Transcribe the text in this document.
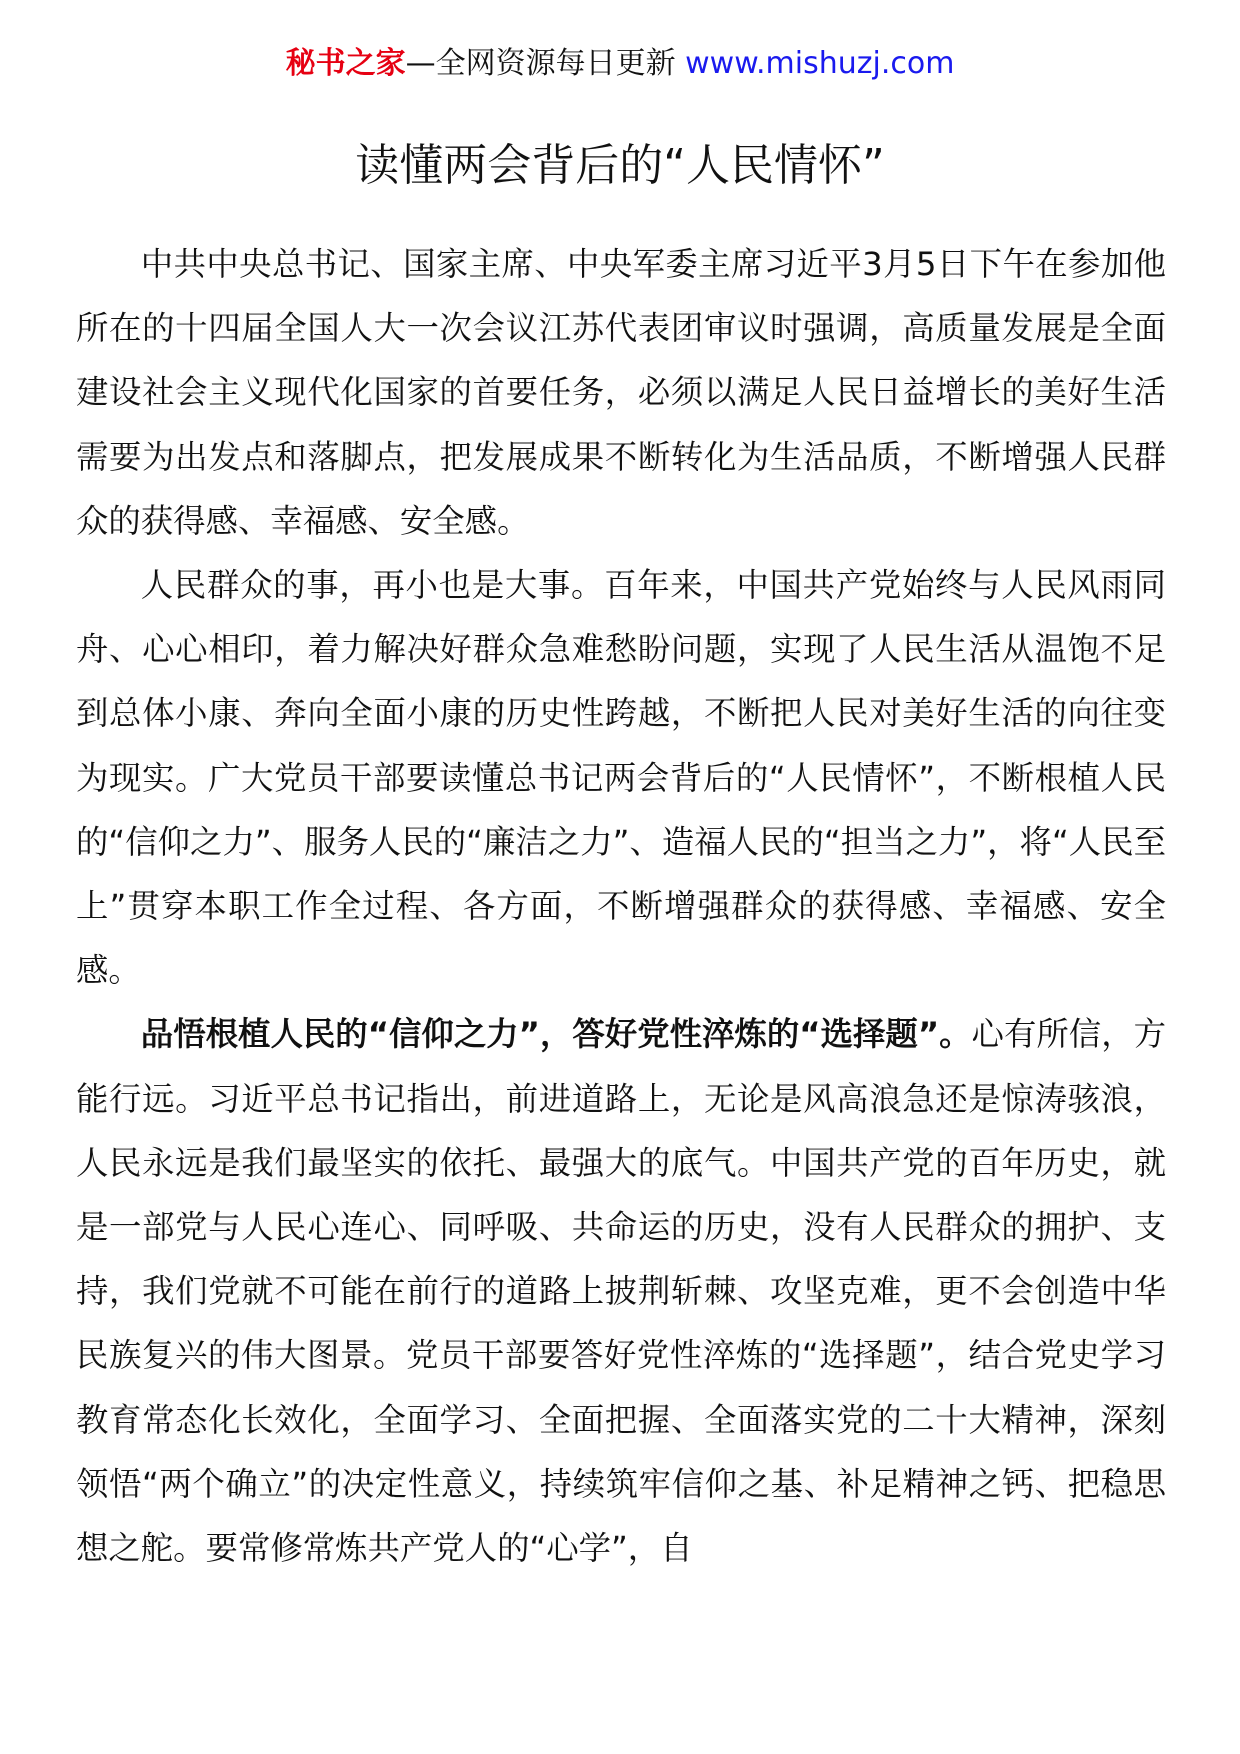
秘书之家—全网资源每日更新 www.mishuzj.com
读懂两会背后的“人民情怀”

中共中央总书记、国家主席、中央军委主席习近平3月5日下午在参加他所在的十四届全国人大一次会议江苏代表团审议时强调，高质量发展是全面建设社会主义现代化国家的首要任务，必须以满足人民日益增长的美好生活需要为出发点和落脚点，把发展成果不断转化为生活品质，不断增强人民群众的获得感、幸福感、安全感。

人民群众的事，再小也是大事。百年来，中国共产党始终与人民风雨同舟、心心相印，着力解决好群众急难愁盼问题，实现了人民生活从温饱不足到总体小康、奔向全面小康的历史性跨越，不断把人民对美好生活的向往变为现实。广大党员干部要读懂总书记两会背后的“人民情怀”，不断根植人民的“信仰之力”、服务人民的“廉洁之力”、造福人民的“担当之力”，将“人民至上”贯穿本职工作全过程、各方面，不断增强群众的获得感、幸福感、安全感。

品悟根植人民的“信仰之力”，答好党性淬炼的“选择题”。心有所信，方能行远。习近平总书记指出，前进道路上，无论是风高浪急还是惊涛骇浪，人民永远是我们最坚实的依托、最强大的底气。中国共产党的百年历史，就是一部党与人民心连心、同呼吸、共命运的历史，没有人民群众的拥护、支持，我们党就不可能在前行的道路上披荆斩棘、攻坚克难，更不会创造中华民族复兴的伟大图景。党员干部要答好党性淬炼的“选择题”，结合党史学习教育常态化长效化，全面学习、全面把握、全面落实党的二十大精神，深刻领悟“两个确立”的决定性意义，持续筑牢信仰之基、补足精神之钙、把稳思想之舵。要常修常炼共产党人的“心学”，自
